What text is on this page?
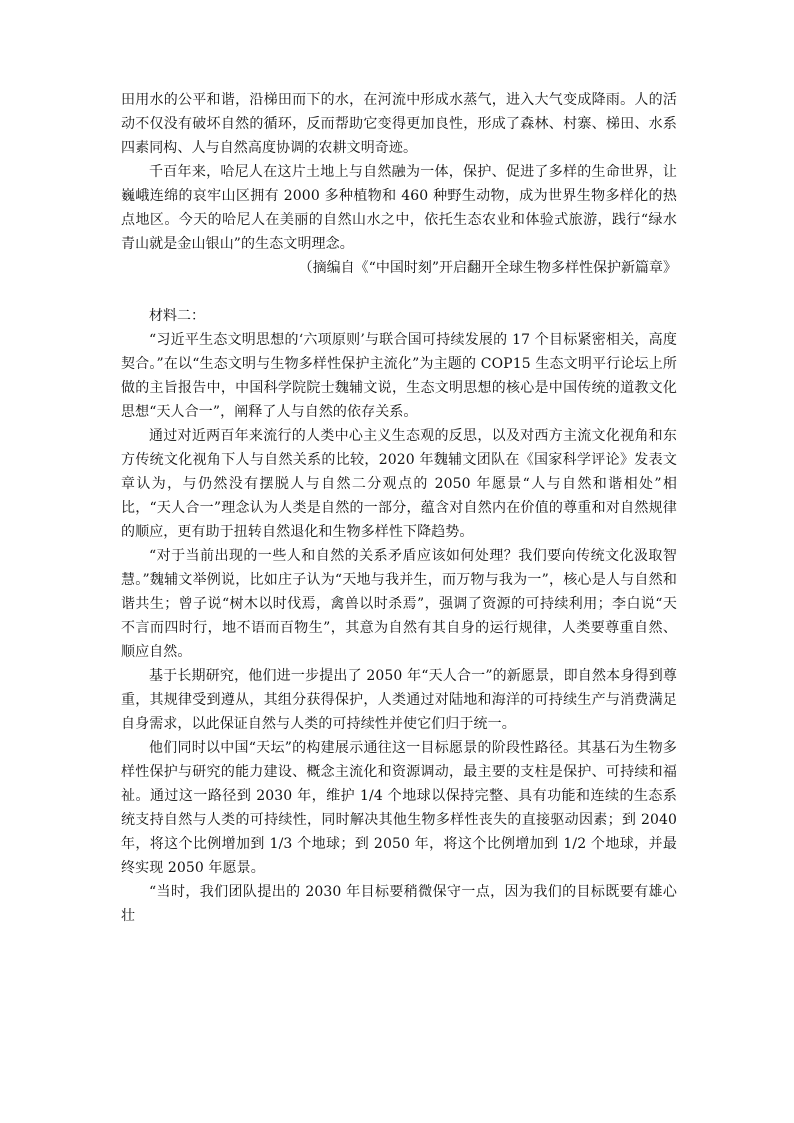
田用水的公平和谐，沿梯田而下的水，在河流中形成水蒸气，进入大气变成降雨。人的活动不仅没有破坏自然的循环，反而帮助它变得更加良性，形成了森林、村寨、梯田、水系四素同构、人与自然高度协调的农耕文明奇迹。

千百年来，哈尼人在这片土地上与自然融为一体，保护、促进了多样的生命世界，让巍峨连绵的哀牢山区拥有 2000 多种植物和 460 种野生动物，成为世界生物多样化的热点地区。今天的哈尼人在美丽的自然山水之中，依托生态农业和体验式旅游，践行“绿水青山就是金山银山”的生态文明理念。

（摘编自《“中国时刻”开启翻开全球生物多样性保护新篇章》

材料二：

“习近平生态文明思想的‘六项原则’与联合国可持续发展的 17 个目标紧密相关，高度契合。”在以“生态文明与生物多样性保护主流化”为主题的 COP15 生态文明平行论坛上所做的主旨报告中，中国科学院院士魏辅文说，生态文明思想的核心是中国传统的道教文化思想“天人合一”，阐释了人与自然的依存关系。

通过对近两百年来流行的人类中心主义生态观的反思，以及对西方主流文化视角和东方传统文化视角下人与自然关系的比较，2020 年魏辅文团队在《国家科学评论》发表文章认为，与仍然没有摆脱人与自然二分观点的 2050 年愿景“人与自然和谐相处”相比，“天人合一”理念认为人类是自然的一部分，蕴含对自然内在价值的尊重和对自然规律的顺应，更有助于扭转自然退化和生物多样性下降趋势。

“对于当前出现的一些人和自然的关系矛盾应该如何处理？我们要向传统文化汲取智慧。”魏辅文举例说，比如庄子认为“天地与我并生，而万物与我为一”，核心是人与自然和谐共生；曾子说“树木以时伐焉，禽兽以时杀焉”，强调了资源的可持续利用；李白说“天不言而四时行，地不语而百物生”，其意为自然有其自身的运行规律，人类要尊重自然、顺应自然。

基于长期研究，他们进一步提出了 2050 年“天人合一”的新愿景，即自然本身得到尊重，其规律受到遵从，其组分获得保护，人类通过对陆地和海洋的可持续生产与消费满足自身需求，以此保证自然与人类的可持续性并使它们归于统一。

他们同时以中国“天坛”的构建展示通往这一目标愿景的阶段性路径。其基石为生物多样性保护与研究的能力建设、概念主流化和资源调动，最主要的支柱是保护、可持续和福祉。通过这一路径到 2030 年，维护 1/4 个地球以保持完整、具有功能和连续的生态系统支持自然与人类的可持续性，同时解决其他生物多样性丧失的直接驱动因素；到 2040 年，将这个比例增加到 1/3 个地球；到 2050 年，将这个比例增加到 1/2 个地球，并最终实现 2050 年愿景。

“当时，我们团队提出的 2030 年目标要稍微保守一点，因为我们的目标既要有雄心壮
